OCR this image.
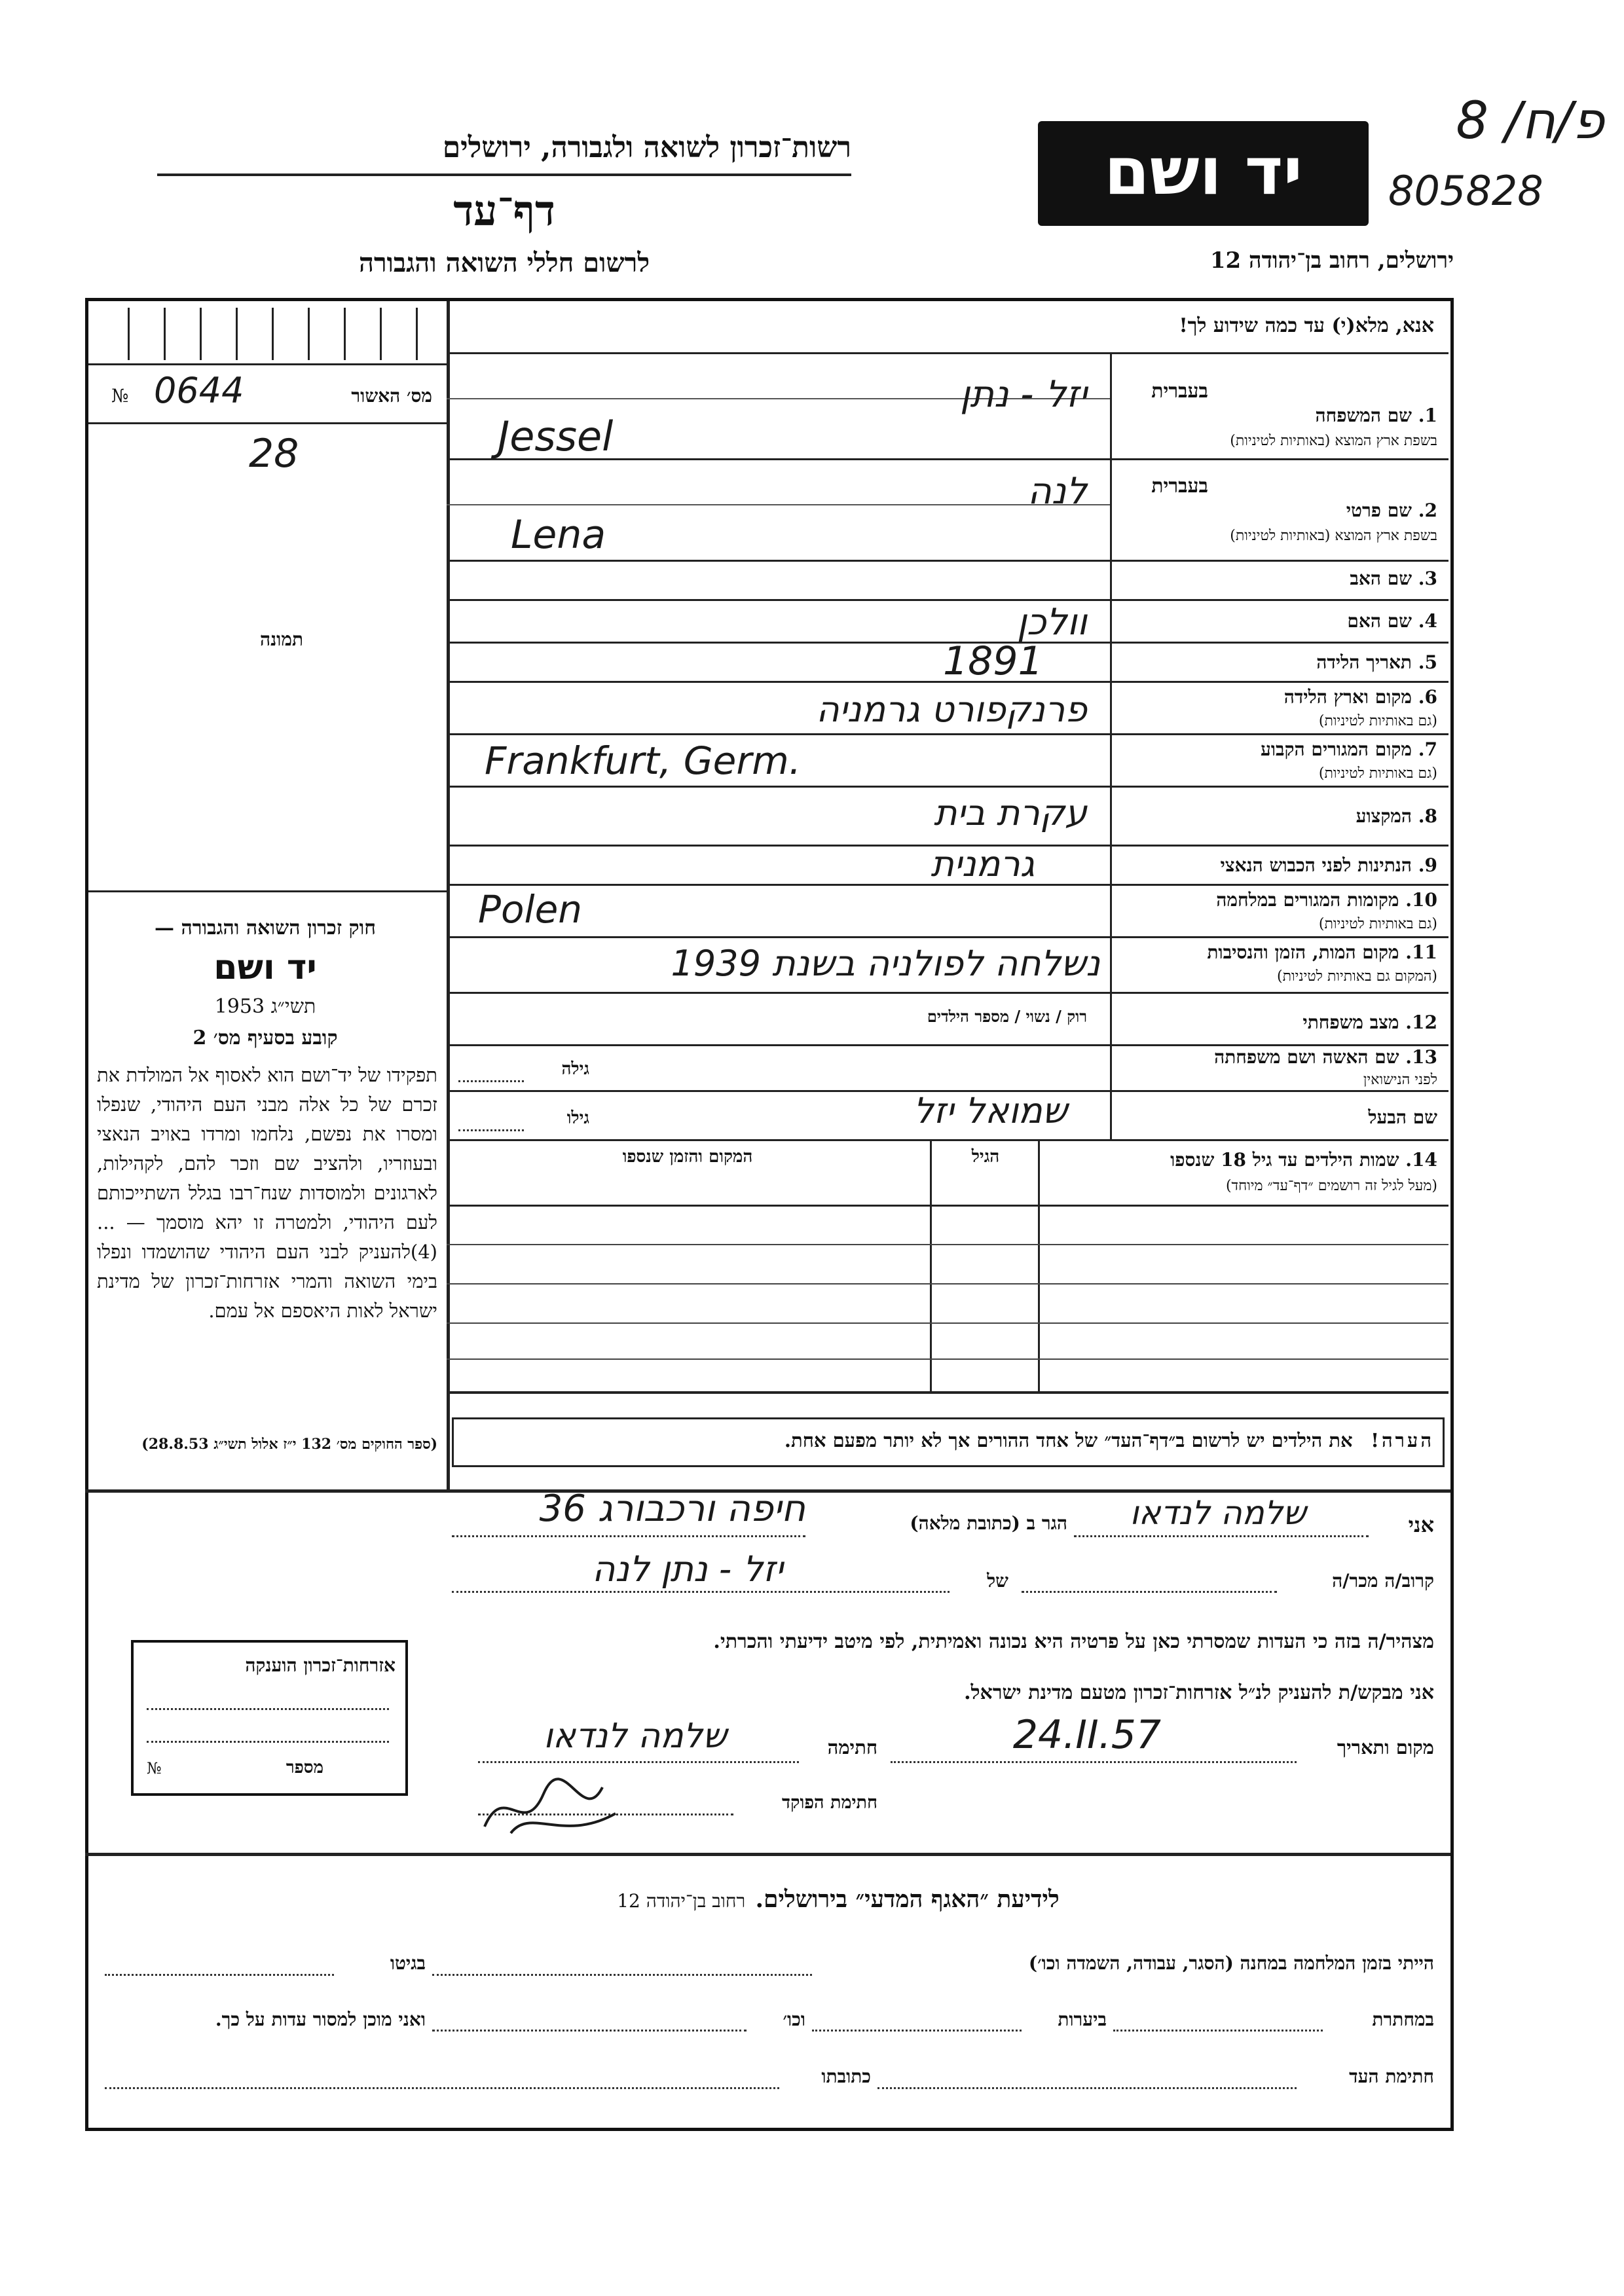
רשות־זכרון לשואה ולגבורה, ירושלים
דף־עד
לרשום חללי השואה והגבורה
יד ושם
ירושלים, רחוב בן־יהודה 12
פ/ח/ 8
805828
№ 0644	מס׳ האשור
28
תמונה
חוק זכרון השואה והגבורה —
יד ושם
תשי״ג 1953
קובע בסעיף מס׳ 2
תפקידו של יד־ושם הוא לאסוף אל המולדת את זכרם של כל אלה מבני העם היהודי, שנפלו ומסרו את נפשם, נלחמו ומרדו באויב הנאצי ובעוזריו, ולהציב שם וזכר להם, לקהילות, לארגונים ולמוסדות שנח־רבו בגלל השתייכותם לעם היהודי, ולמטרה זו יהא מוסמך — ...(4)להעניק לבני העם היהודי שהושמדו ונפלו בימי השואה והמרי אזרחות־זכרון של מדינת ישראל לאות היאספם אל עמם.
(ספר החוקים מס׳ 132 י״ז אלול תשי״ג 28.8.53)
אנא, מלא(י) עד כמה שידוע לך!
בעברית
1. שם המשפחה
בשפת ארץ המוצא (באותיות לטיניות)
יזל - נתן
Jessel
בעברית
2. שם פרטי
בשפת ארץ המוצא (באותיות לטיניות)
לנה
Lena
3. שם האב
4. שם האם
וולכן
5. תאריך הלידה
1891
6. מקום וארץ הלידה
(גם באותיות לטיניות)
פרנקפורט גרמניה
7. מקום המגורים הקבוע
(גם באותיות לטיניות)
Frankfurt, Germ.
8. המקצוע
עקרת בית
9. הנתינות לפני הכבוש הנאצי
גרמנית
10. מקומות המגורים במלחמה
(גם באותיות לטיניות)
Polen
11. מקום המות, הזמן והנסיבות
(המקום גם באותיות לטיניות)
נשלחה לפולניה בשנת 1939
12. מצב משפחתי
רוק / נשוי / מספר הילדים
13. שם האשה ושם משפחתה
לפני הנישואין
גילה
שם הבעל
שמואל יזל
גילו
14. שמות הילדים עד גיל 18 שנספו
(מעל לגיל זה רושמים ״דף־עד״ מיוחד)
הגיל
המקום והזמן שנספו
הערה!   את הילדים יש לרשום ב״דף־העד״ של אחד ההורים אך לא יותר מפעם אחת.
אני
שלמה לנדאו
הגר ב (כתובת מלאה)
חיפה ורכבורג 36
קרוב/ה מכר/ה
של
יזל - נתן לנה
מצהיר/ה בזה כי העדות שמסרתי כאן על פרטיה היא נכונה ואמיתית, לפי מיטב ידיעתי והכרתי.
אני מבקש/ת להעניק לנ״ל אזרחות־זכרון מטעם מדינת ישראל.
מקום ותאריך
24.II.57
חתימה
שלמה לנדאו
חתימת הפוקד
אזרחות־זכרון הוענקה
№	מספר
לידיעת ״האגף המדעי״ בירושלים.   רחוב בן־יהודה 12
הייתי בזמן המלחמה במחנה (הסגר, עבודה, השמדה וכו׳)
בגיטו
במחתרת
ביערות
וכו׳
ואני מוכן למסור עדות על כך.
חתימת העד
כתובתו
